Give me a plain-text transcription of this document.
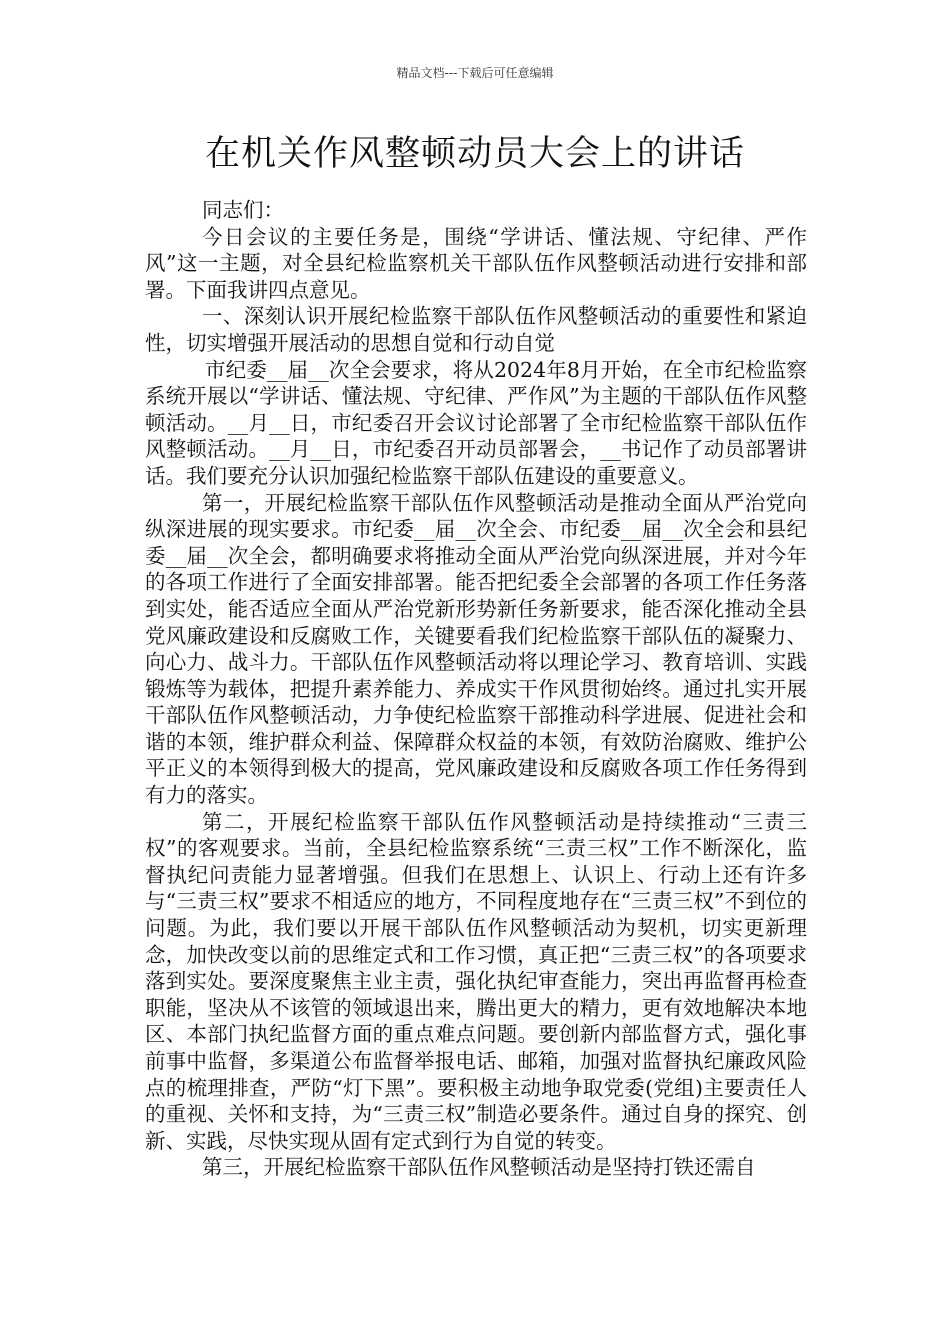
精品文档---下载后可任意编辑
在机关作风整顿动员大会上的讲话

同志们：

今日会议的主要任务是，围绕“学讲话、懂法规、守纪律、严作风”这一主题，对全县纪检监察机关干部队伍作风整顿活动进行安排和部署。下面我讲四点意见。

一、深刻认识开展纪检监察干部队伍作风整顿活动的重要性和紧迫性，切实增强开展活动的思想自觉和行动自觉

市纪委__届__次全会要求，将从2024年8月开始，在全市纪检监察系统开展以“学讲话、懂法规、守纪律、严作风”为主题的干部队伍作风整顿活动。__月__日，市纪委召开会议讨论部署了全市纪检监察干部队伍作风整顿活动。__月__日，市纪委召开动员部署会，__书记作了动员部署讲话。我们要充分认识加强纪检监察干部队伍建设的重要意义。

第一，开展纪检监察干部队伍作风整顿活动是推动全面从严治党向纵深进展的现实要求。市纪委__届__次全会、市纪委__届__次全会和县纪委__届__次全会，都明确要求将推动全面从严治党向纵深进展，并对今年的各项工作进行了全面安排部署。能否把纪委全会部署的各项工作任务落到实处，能否适应全面从严治党新形势新任务新要求，能否深化推动全县党风廉政建设和反腐败工作，关键要看我们纪检监察干部队伍的凝聚力、向心力、战斗力。干部队伍作风整顿活动将以理论学习、教育培训、实践锻炼等为载体，把提升素养能力、养成实干作风贯彻始终。通过扎实开展干部队伍作风整顿活动，力争使纪检监察干部推动科学进展、促进社会和谐的本领，维护群众利益、保障群众权益的本领，有效防治腐败、维护公平正义的本领得到极大的提高，党风廉政建设和反腐败各项工作任务得到有力的落实。

第二，开展纪检监察干部队伍作风整顿活动是持续推动“三责三权”的客观要求。当前，全县纪检监察系统“三责三权”工作不断深化，监督执纪问责能力显著增强。但我们在思想上、认识上、行动上还有许多与“三责三权”要求不相适应的地方，不同程度地存在“三责三权”不到位的问题。为此，我们要以开展干部队伍作风整顿活动为契机，切实更新理念，加快改变以前的思维定式和工作习惯，真正把“三责三权”的各项要求落到实处。要深度聚焦主业主责，强化执纪审查能力，突出再监督再检查职能，坚决从不该管的领域退出来，腾出更大的精力，更有效地解决本地区、本部门执纪监督方面的重点难点问题。要创新内部监督方式，强化事前事中监督，多渠道公布监督举报电话、邮箱，加强对监督执纪廉政风险点的梳理排查，严防“灯下黑”。要积极主动地争取党委(党组)主要责任人的重视、关怀和支持，为“三责三权”制造必要条件。通过自身的探究、创新、实践，尽快实现从固有定式到行为自觉的转变。

第三，开展纪检监察干部队伍作风整顿活动是坚持打铁还需自
